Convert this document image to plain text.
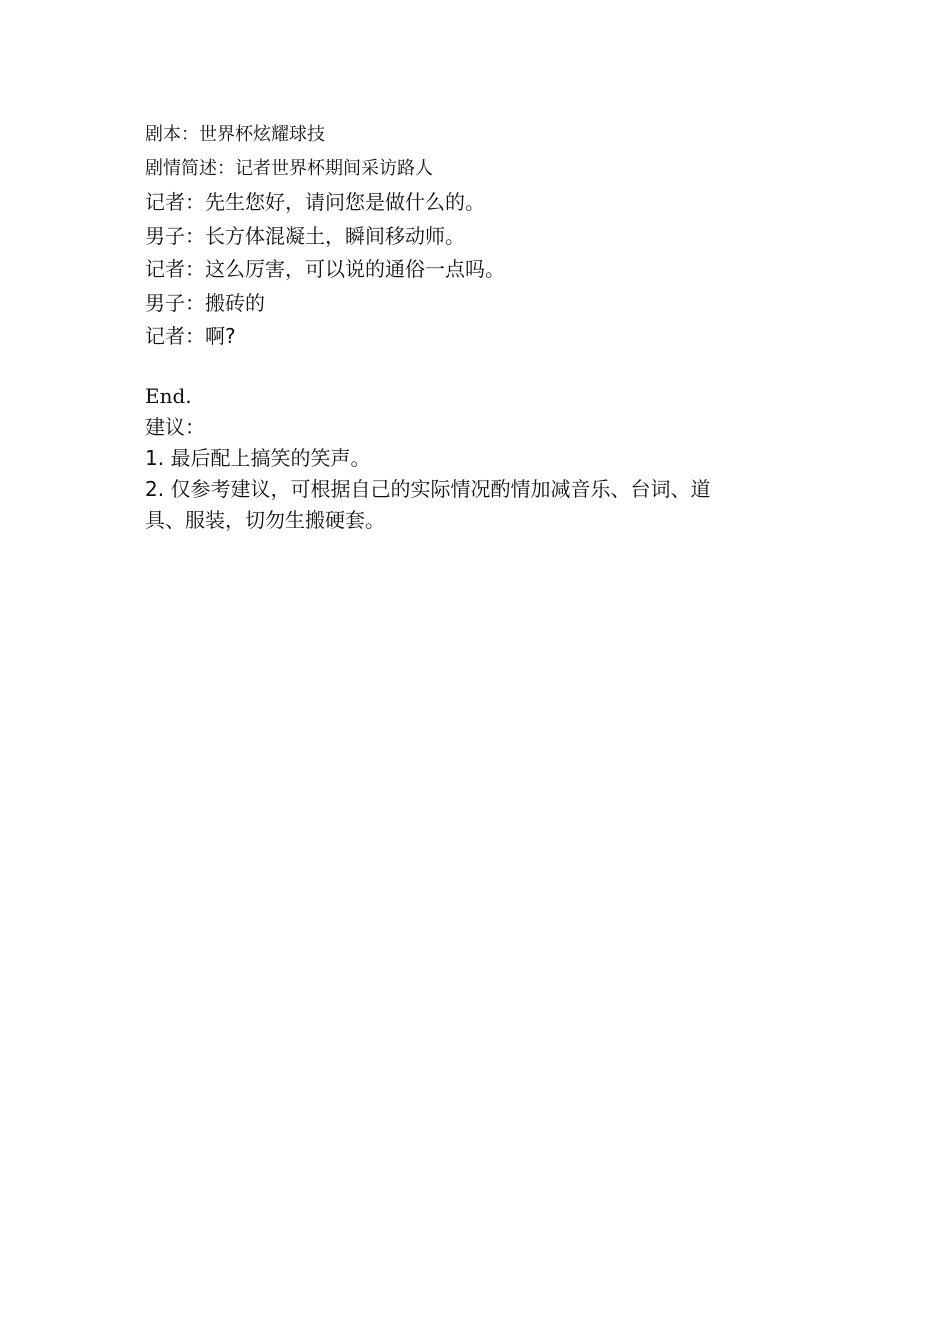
剧本：世界杯炫耀球技
剧情简述：记者世界杯期间采访路人
记者：先生您好，请问您是做什么的。
男子：长方体混凝土，瞬间移动师。
记者：这么厉害，可以说的通俗一点吗。
男子：搬砖的
记者：啊?
End.
建议：
1. 最后配上搞笑的笑声。
2. 仅参考建议，可根据自己的实际情况酌情加减音乐、台词、道具、服装，切勿生搬硬套。
